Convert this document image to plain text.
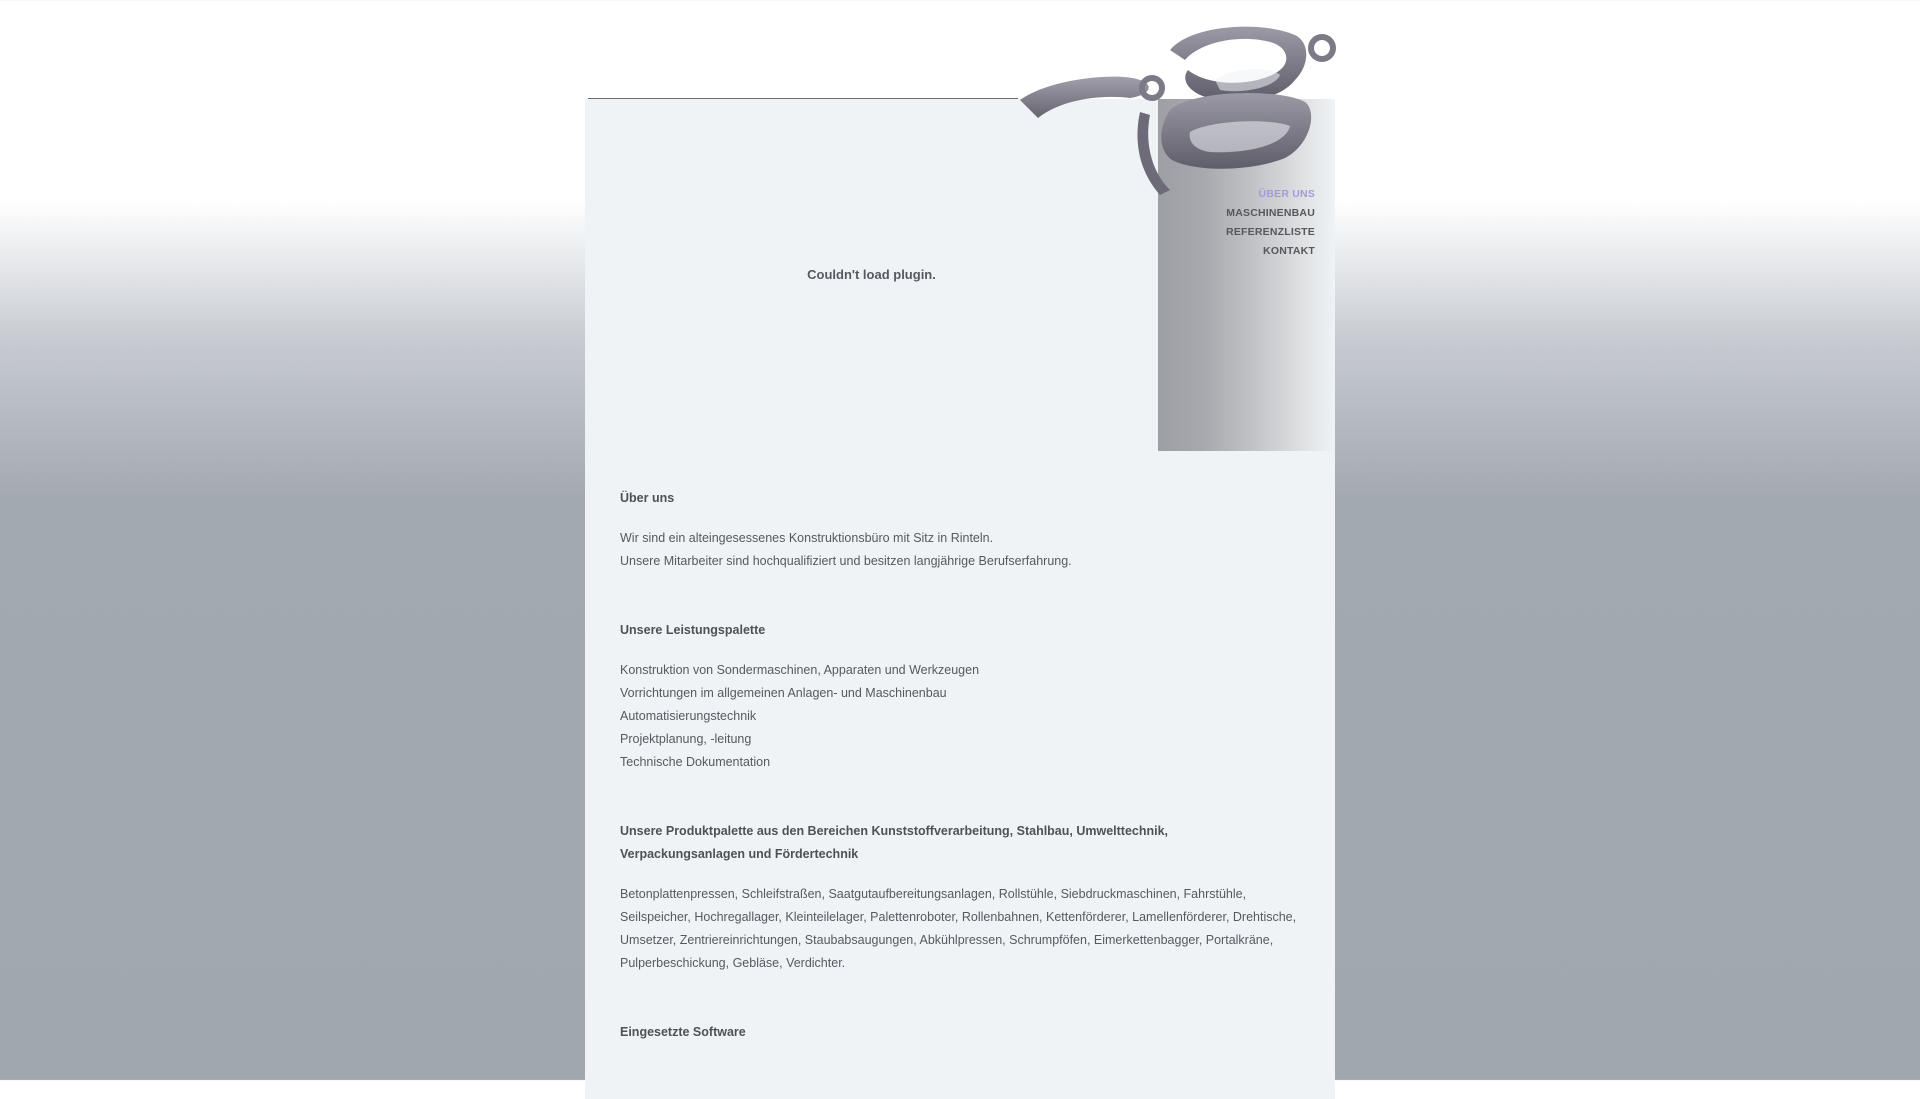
Couldn't load plugin.
ÜBER UNS
MASCHINENBAU
REFERENZLISTE
KONTAKT
Über uns

Wir sind ein alteingesessenes Konstruktionsbüro mit Sitz in Rinteln.

Unsere Mitarbeiter sind hochqualifiziert und besitzen langjährige Berufserfahrung.

Unsere Leistungspalette

Konstruktion von Sondermaschinen, Apparaten und Werkzeugen

Vorrichtungen im allgemeinen Anlagen- und Maschinenbau

Automatisierungstechnik

Projektplanung, -leitung

Technische Dokumentation

Unsere Produktpalette aus den Bereichen Kunststoffverarbeitung, Stahlbau, Umwelttechnik, Verpackungsanlagen und Fördertechnik

Betonplattenpressen, Schleifstraßen, Saatgutaufbereitungsanlagen, Rollstühle, Siebdruckmaschinen, Fahrstühle, Seilspeicher, Hochregallager, Kleinteilelager, Palettenroboter, Rollenbahnen, Kettenförderer, Lamellenförderer, Drehtische, Umsetzer, Zentriereinrichtungen, Staubabsaugungen, Abkühlpressen, Schrumpföfen, Eimerkettenbagger, Portalkräne, Pulperbeschickung, Gebläse, Verdichter.

Eingesetzte Software
